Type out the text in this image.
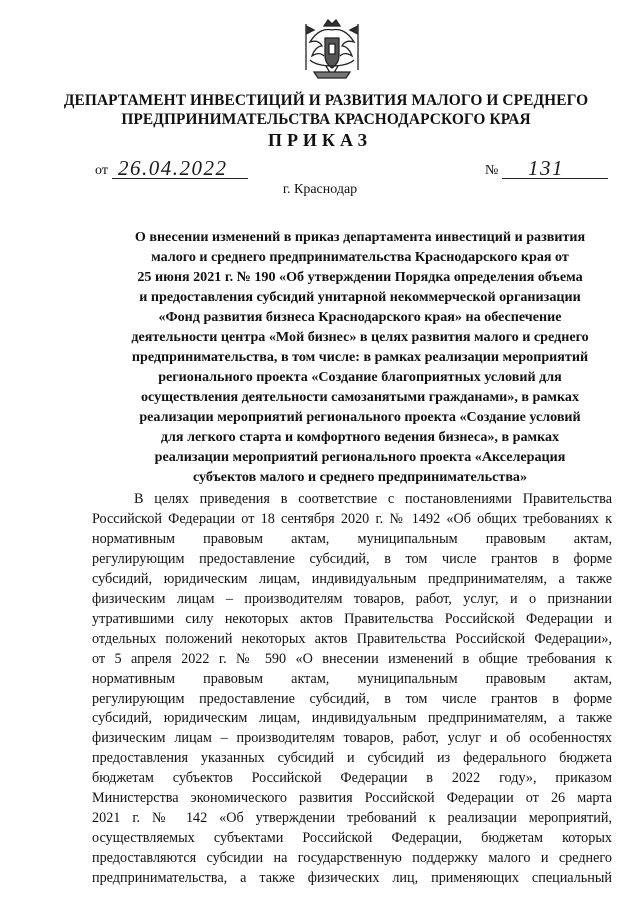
ДЕПАРТАМЕНТ ИНВЕСТИЦИЙ И РАЗВИТИЯ МАЛОГО И СРЕДНЕГО
ПРЕДПРИНИМАТЕЛЬСТВА КРАСНОДАРСКОГО КРАЯ
ПРИКАЗ
от 26.04.2022	№ 131
г. Краснодар
О внесении изменений в приказ департамента инвестиций и развития
малого и среднего предпринимательства Краснодарского края от
25 июня 2021 г. № 190 «Об утверждении Порядка определения объема
и предоставления субсидий унитарной некоммерческой организации
«Фонд развития бизнеса Краснодарского края» на обеспечение
деятельности центра «Мой бизнес» в целях развития малого и среднего
предпринимательства, в том числе: в рамках реализации мероприятий
регионального проекта «Создание благоприятных условий для
осуществления деятельности самозанятыми гражданами», в рамках
реализации мероприятий регионального проекта «Создание условий
для легкого старта и комфортного ведения бизнеса», в рамках
реализации мероприятий регионального проекта «Акселерация
субъектов малого и среднего предпринимательства»
В целях приведения в соответствие с постановлениями Правительства
Российской Федерации от 18 сентября 2020 г. № 1492 «Об общих требованиях к
нормативным правовым актам, муниципальным правовым актам,
регулирующим предоставление субсидий, в том числе грантов в форме
субсидий, юридическим лицам, индивидуальным предпринимателям, а также
физическим лицам – производителям товаров, работ, услуг, и о признании
утратившими силу некоторых актов Правительства Российской Федерации и
отдельных положений некоторых актов Правительства Российской Федерации»,
от 5 апреля 2022 г. № 590 «О внесении изменений в общие требования к
нормативным правовым актам, муниципальным правовым актам,
регулирующим предоставление субсидий, в том числе грантов в форме
субсидий, юридическим лицам, индивидуальным предпринимателям, а также
физическим лицам – производителям товаров, работ, услуг и об особенностях
предоставления указанных субсидий и субсидий из федерального бюджета
бюджетам субъектов Российской Федерации в 2022 году», приказом
Министерства экономического развития Российской Федерации от 26 марта
2021 г. № 142 «Об утверждении требований к реализации мероприятий,
осуществляемых субъектами Российской Федерации, бюджетам которых
предоставляются субсидии на государственную поддержку малого и среднего
предпринимательства, а также физических лиц, применяющих специальный
